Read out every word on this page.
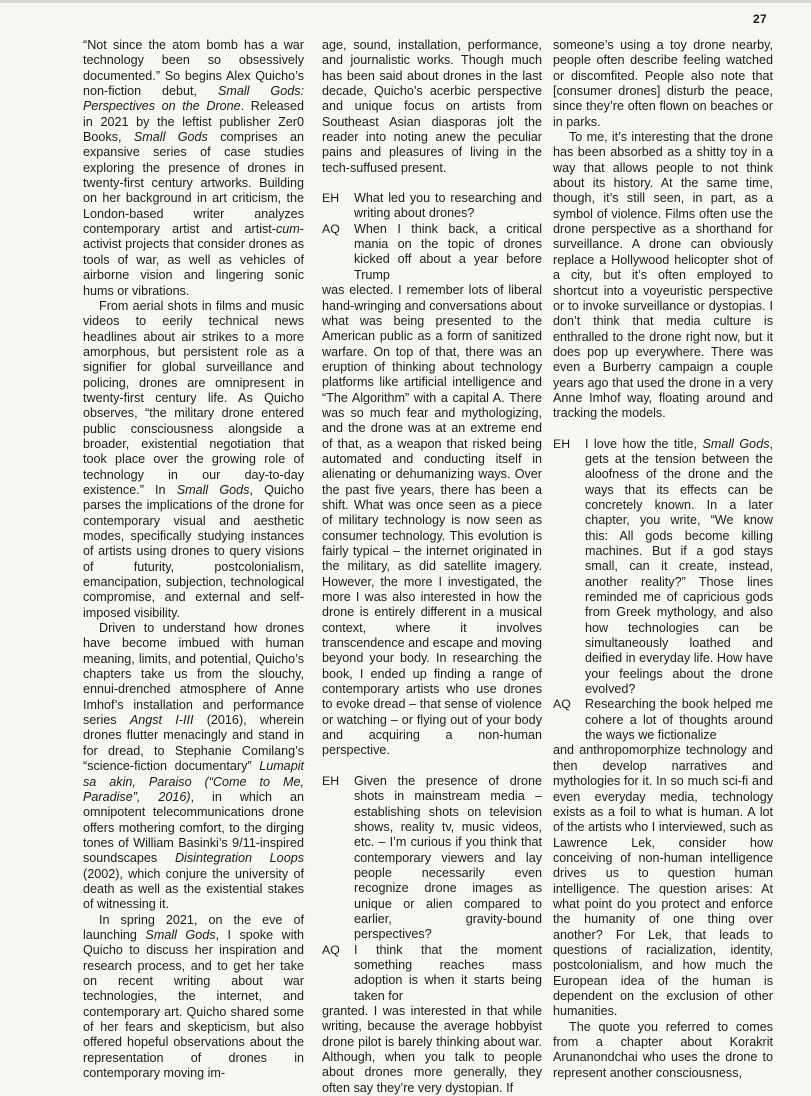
27

“Not since the atom bomb has a war technology been so obsessively documented.” So begins Alex Quicho’s non-fiction debut, Small Gods: Perspectives on the Drone. Released in 2021 by the leftist publisher Zer0 Books, Small Gods comprises an expansive series of case studies exploring the presence of drones in twenty-first century artworks. Building on her background in art criticism, the London-based writer analyzes contemporary artist and artist-cum-activist projects that consider drones as tools of war, as well as vehicles of airborne vision and lingering sonic hums or vibrations.

From aerial shots in films and music videos to eerily technical news headlines about air strikes to a more amorphous, but persistent role as a signifier for global surveillance and policing, drones are omnipresent in twenty-first century life. As Quicho observes, “the military drone entered public consciousness alongside a broader, existential negotiation that took place over the growing role of technology in our day-to-day existence.” In Small Gods, Quicho parses the implications of the drone for contemporary visual and aesthetic modes, specifically studying instances of artists using drones to query visions of futurity, postcolonialism, emancipation, subjection, technological compromise, and external and self-imposed visibility.

Driven to understand how drones have become imbued with human meaning, limits, and potential, Quicho’s chapters take us from the slouchy, ennui-drenched atmosphere of Anne Imhof’s installation and performance series Angst I-III (2016), wherein drones flutter menacingly and stand in for dread, to Stephanie Comilang’s “science-fiction documentary” Lumapit sa akin, Paraiso (“Come to Me, Paradise”, 2016), in which an omnipotent telecommunications drone offers mothering comfort, to the dirging tones of William Basinki’s 9/11-inspired soundscapes Disintegration Loops (2002), which conjure the university of death as well as the existential stakes of witnessing it.

In spring 2021, on the eve of launching Small Gods, I spoke with Quicho to discuss her inspiration and research process, and to get her take on recent writing about war technologies, the internet, and contemporary art. Quicho shared some of her fears and skepticism, but also offered hopeful observations about the representation of drones in contemporary moving im-

age, sound, installation, performance, and journalistic works. Though much has been said about drones in the last decade, Quicho’s acerbic perspective and unique focus on artists from Southeast Asian diasporas jolt the reader into noting anew the peculiar pains and pleasures of living in the tech-suffused present.

EH	What led you to researching and writing about drones?
AQ	When I think back, a critical mania on the topic of drones kicked off about a year before Trump

was elected. I remember lots of liberal hand-wringing and conversations about what was being presented to the American public as a form of sanitized warfare. On top of that, there was an eruption of thinking about technology platforms like artificial intelligence and “The Algorithm” with a capital A. There was so much fear and mythologizing, and the drone was at an extreme end of that, as a weapon that risked being automated and conducting itself in alienating or dehumanizing ways. Over the past five years, there has been a shift. What was once seen as a piece of military technology is now seen as consumer technology. This evolution is fairly typical – the internet originated in the military, as did satellite imagery. However, the more I investigated, the more I was also interested in how the drone is entirely different in a musical context, where it involves transcendence and escape and moving beyond your body. In researching the book, I ended up finding a range of contemporary artists who use drones to evoke dread – that sense of violence or watching – or flying out of your body and acquiring a non-human perspective.

EH	Given the presence of drone shots in mainstream media – establishing shots on television shows, reality tv, music videos, etc. – I’m curious if you think that contemporary viewers and lay people necessarily even recognize drone images as unique or alien compared to earlier, gravity-bound perspectives?
AQ	I think that the moment something reaches mass adoption is when it starts being taken for

granted. I was interested in that while writing, because the average hobbyist drone pilot is barely thinking about war. Although, when you talk to people about drones more generally, they often say they’re very dystopian. If

someone’s using a toy drone nearby, people often describe feeling watched or discomfited. People also note that [consumer drones] disturb the peace, since they’re often flown on beaches or in parks.

To me, it’s interesting that the drone has been absorbed as a shitty toy in a way that allows people to not think about its history. At the same time, though, it’s still seen, in part, as a symbol of violence. Films often use the drone perspective as a shorthand for surveillance. A drone can obviously replace a Hollywood helicopter shot of a city, but it’s often employed to shortcut into a voyeuristic perspective or to invoke surveillance or dystopias. I don’t think that media culture is enthralled to the drone right now, but it does pop up everywhere. There was even a Burberry campaign a couple years ago that used the drone in a very Anne Imhof way, floating around and tracking the models.

EH	I love how the title, Small Gods, gets at the tension between the aloofness of the drone and the ways that its effects can be concretely known. In a later chapter, you write, “We know this: All gods become killing machines. But if a god stays small, can it create, instead, another reality?” Those lines reminded me of capricious gods from Greek mythology, and also how technologies can be simultaneously loathed and deified in everyday life. How have your feelings about the drone evolved?
AQ	Researching the book helped me cohere a lot of thoughts around the ways we fictionalize

and anthropomorphize technology and then develop narratives and mythologies for it. In so much sci-fi and even everyday media, technology exists as a foil to what is human. A lot of the artists who I interviewed, such as Lawrence Lek, consider how conceiving of non-human intelligence drives us to question human intelligence. The question arises: At what point do you protect and enforce the humanity of one thing over another? For Lek, that leads to questions of racialization, identity, postcolonialism, and how much the European idea of the human is dependent on the exclusion of other humanities.

The quote you referred to comes from a chapter about Korakrit Arunanondchai who uses the drone to represent another consciousness,
